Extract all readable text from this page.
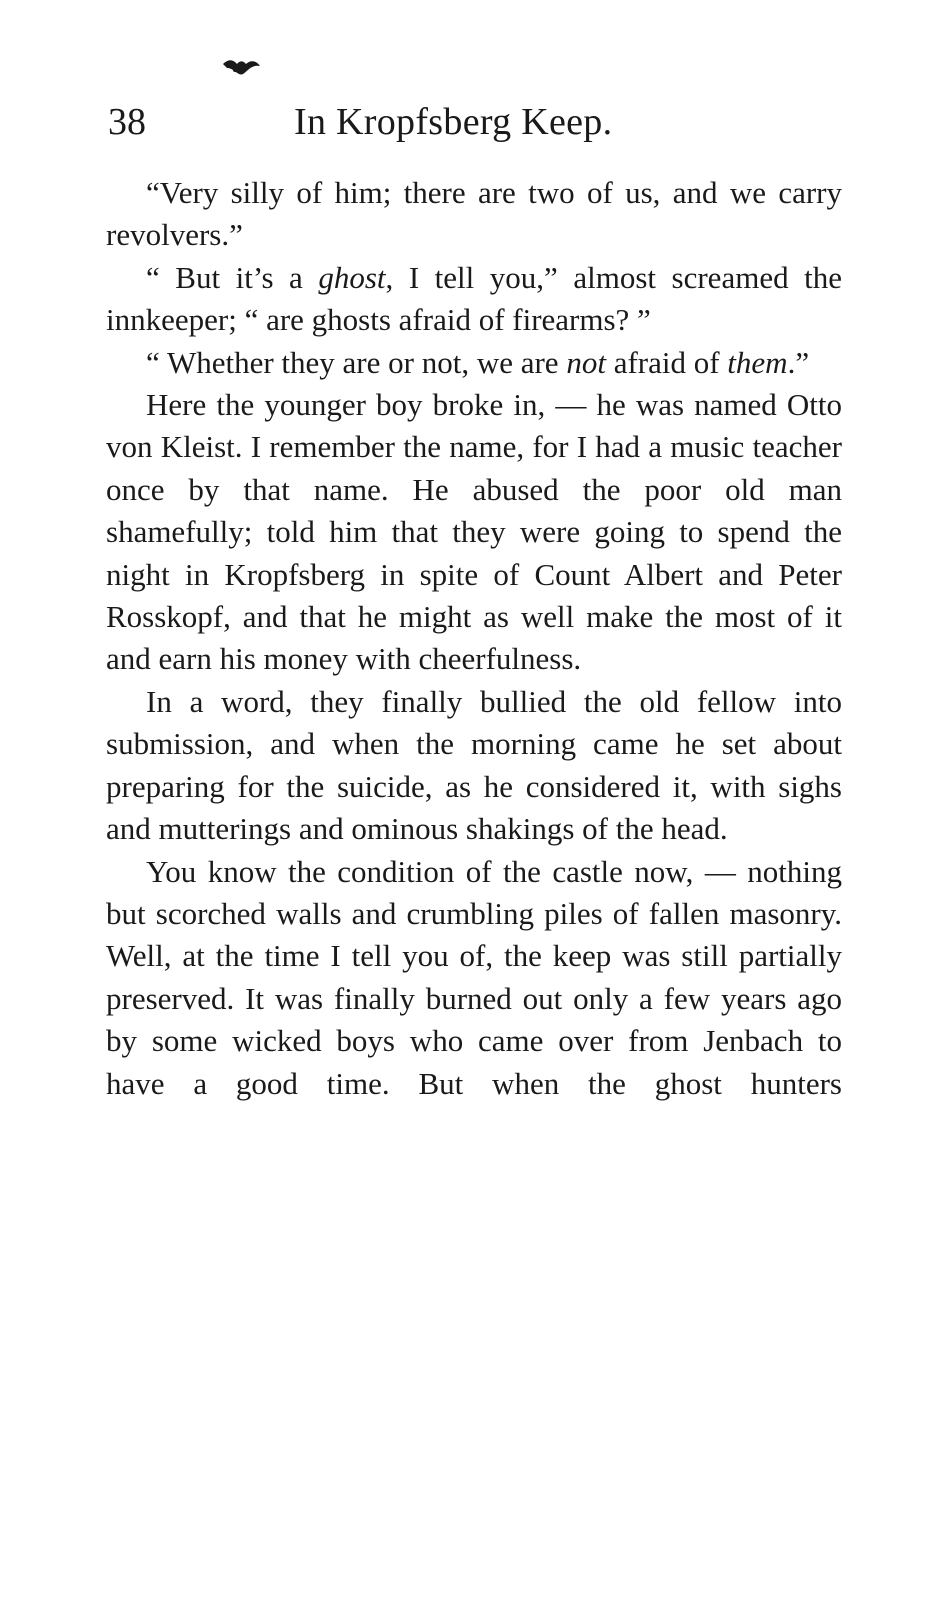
38	In Kropfsberg Keep.

“Very silly of him; there are two of us, and we carry revolvers.”

“ But it’s a ghost, I tell you,” almost screamed the innkeeper; “ are ghosts afraid of firearms? ”

“ Whether they are or not, we are not afraid of them.”

Here the younger boy broke in, — he was named Otto von Kleist. I remember the name, for I had a music teacher once by that name. He abused the poor old man shamefully; told him that they were going to spend the night in Kropfsberg in spite of Count Albert and Peter Rosskopf, and that he might as well make the most of it and earn his money with cheerfulness.

In a word, they finally bullied the old fellow into submission, and when the morning came he set about preparing for the suicide, as he considered it, with sighs and mutterings and ominous shakings of the head.

You know the condition of the castle now, — nothing but scorched walls and crumbling piles of fallen masonry. Well, at the time I tell you of, the keep was still partially preserved. It was finally burned out only a few years ago by some wicked boys who came over from Jenbach to have a good time. But when the ghost hunters
